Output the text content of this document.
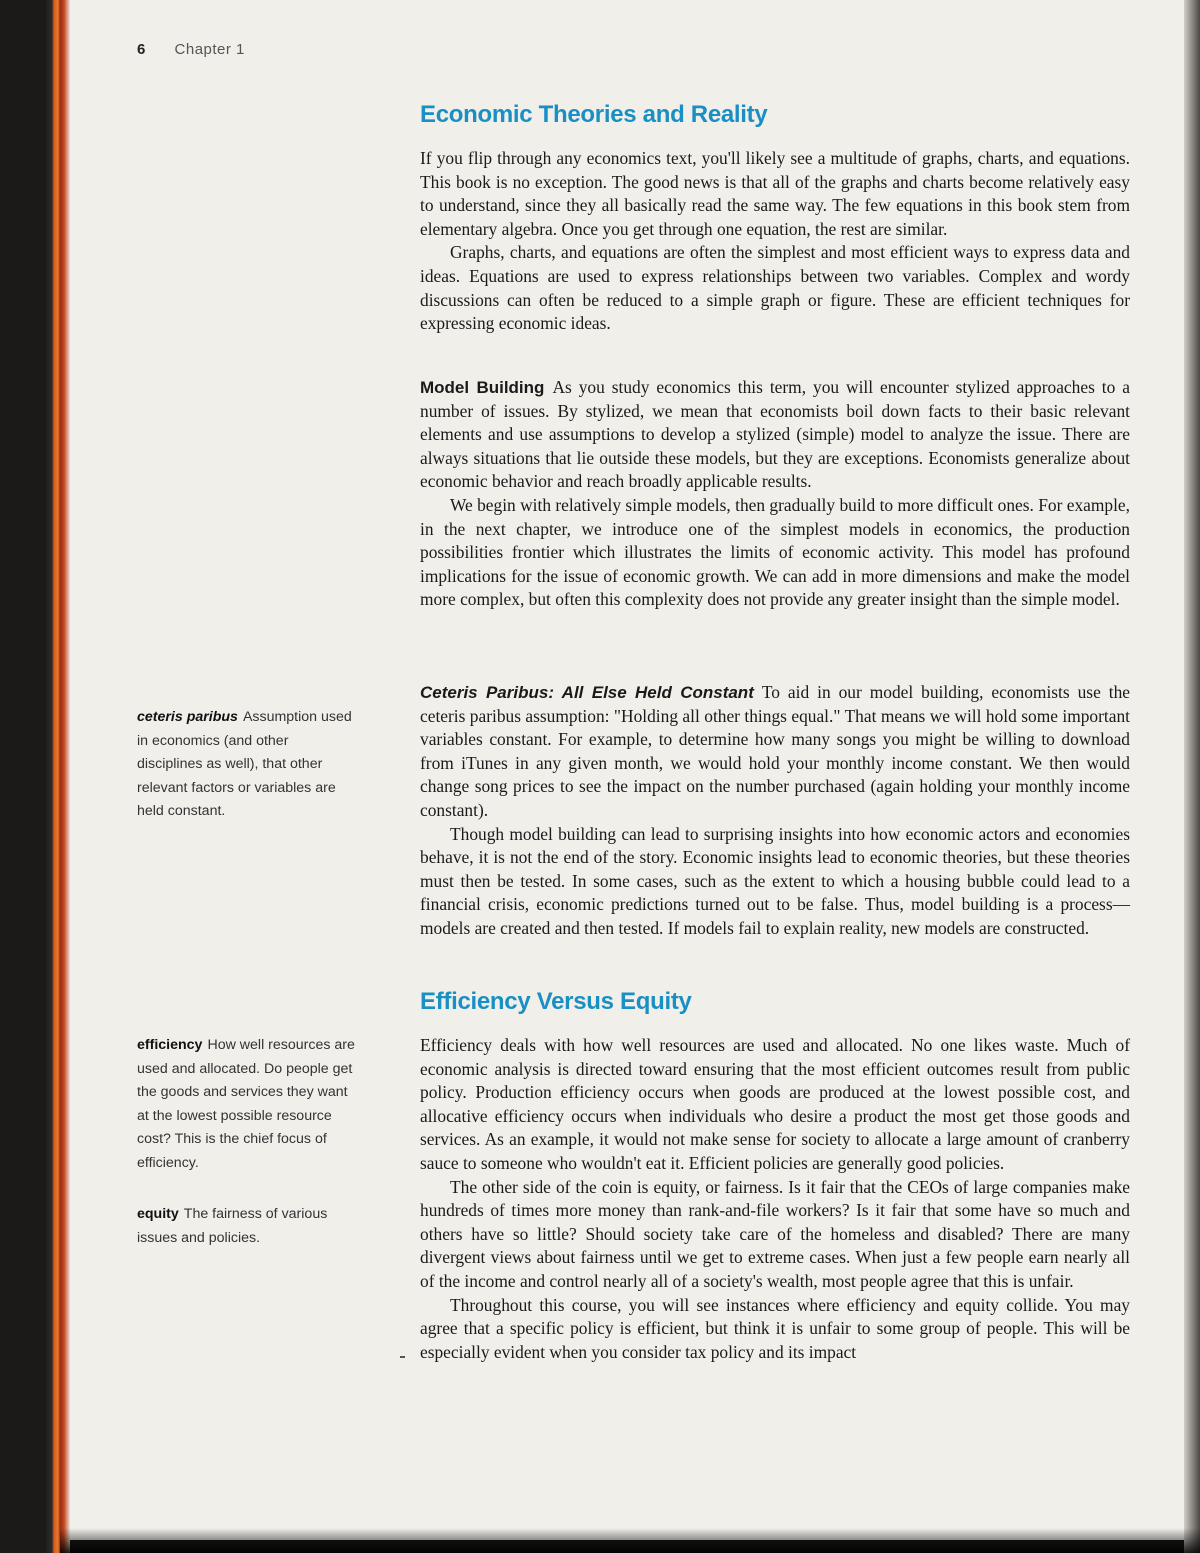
6 Chapter 1
Economic Theories and Reality

If you flip through any economics text, you'll likely see a multitude of graphs, charts, and equations. This book is no exception. The good news is that all of the graphs and charts become relatively easy to understand, since they all basically read the same way. The few equations in this book stem from elementary algebra. Once you get through one equation, the rest are similar.

Graphs, charts, and equations are often the simplest and most efficient ways to express data and ideas. Equations are used to express relationships between two variables. Complex and wordy discussions can often be reduced to a simple graph or figure. These are efficient techniques for expressing economic ideas.

Model Building As you study economics this term, you will encounter stylized approaches to a number of issues. By stylized, we mean that economists boil down facts to their basic relevant elements and use assumptions to develop a stylized (simple) model to analyze the issue. There are always situations that lie outside these models, but they are exceptions. Economists generalize about economic behavior and reach broadly applicable results.

We begin with relatively simple models, then gradually build to more difficult ones. For example, in the next chapter, we introduce one of the simplest models in economics, the production possibilities frontier which illustrates the limits of economic activity. This model has profound implications for the issue of economic growth. We can add in more dimensions and make the model more complex, but often this complexity does not provide any greater insight than the simple model.

Ceteris Paribus: All Else Held Constant To aid in our model building, economists use the ceteris paribus assumption: "Holding all other things equal." That means we will hold some important variables constant. For example, to determine how many songs you might be willing to download from iTunes in any given month, we would hold your monthly income constant. We then would change song prices to see the impact on the number purchased (again holding your monthly income constant).

Though model building can lead to surprising insights into how economic actors and economies behave, it is not the end of the story. Economic insights lead to economic theories, but these theories must then be tested. In some cases, such as the extent to which a housing bubble could lead to a financial crisis, economic predictions turned out to be false. Thus, model building is a process—models are created and then tested. If models fail to explain reality, new models are constructed.

Efficiency Versus Equity

Efficiency deals with how well resources are used and allocated. No one likes waste. Much of economic analysis is directed toward ensuring that the most efficient outcomes result from public policy. Production efficiency occurs when goods are produced at the lowest possible cost, and allocative efficiency occurs when individuals who desire a product the most get those goods and services. As an example, it would not make sense for society to allocate a large amount of cranberry sauce to someone who wouldn't eat it. Efficient policies are generally good policies.

The other side of the coin is equity, or fairness. Is it fair that the CEOs of large companies make hundreds of times more money than rank-and-file workers? Is it fair that some have so much and others have so little? Should society take care of the homeless and disabled? There are many divergent views about fairness until we get to extreme cases. When just a few people earn nearly all of the income and control nearly all of a society's wealth, most people agree that this is unfair.

Throughout this course, you will see instances where efficiency and equity collide. You may agree that a specific policy is efficient, but think it is unfair to some group of people. This will be especially evident when you consider tax policy and its impact

ceteris paribus Assumption used in economics (and other disciplines as well), that other relevant factors or variables are held constant.
efficiency How well resources are used and allocated. Do people get the goods and services they want at the lowest possible resource cost? This is the chief focus of efficiency.
equity The fairness of various issues and policies.
